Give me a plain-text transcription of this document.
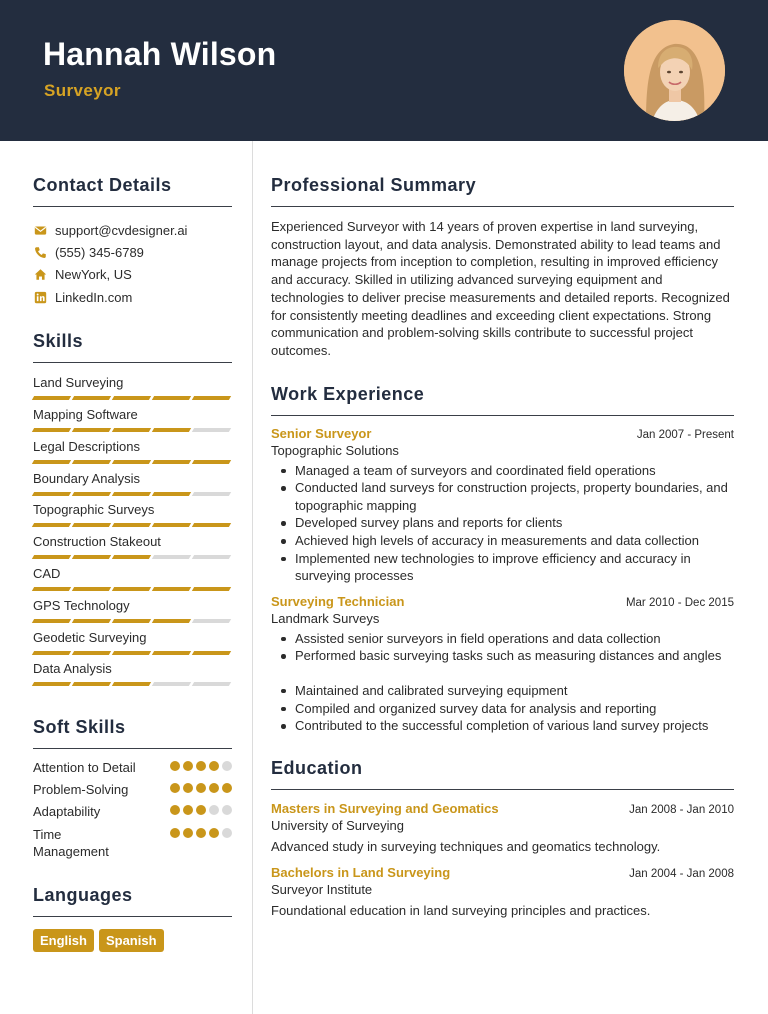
Hannah Wilson
Surveyor
Contact Details
support@cvdesigner.ai
(555) 345-6789
NewYork, US
LinkedIn.com
Skills
Land Surveying
Mapping Software
Legal Descriptions
Boundary Analysis
Topographic Surveys
Construction Stakeout
CAD
GPS Technology
Geodetic Surveying
Data Analysis
Soft Skills
Attention to Detail
Problem-Solving
Adaptability
Time Management
Languages
English	Spanish
Professional Summary

Experienced Surveyor with 14 years of proven expertise in land surveying, construction layout, and data analysis. Demonstrated ability to lead teams and manage projects from inception to completion, resulting in improved efficiency and accuracy. Skilled in utilizing advanced surveying equipment and technologies to deliver precise measurements and detailed reports. Recognized for consistently meeting deadlines and exceeding client expectations. Strong communication and problem-solving skills contribute to successful project outcomes.

Work Experience
Senior Surveyor	Jan 2007 - Present
Topographic Solutions
Managed a team of surveyors and coordinated field operations
Conducted land surveys for construction projects, property boundaries, and topographic mapping
Developed survey plans and reports for clients
Achieved high levels of accuracy in measurements and data collection
Implemented new technologies to improve efficiency and accuracy in surveying processes
Surveying Technician	Mar 2010 - Dec 2015
Landmark Surveys
Assisted senior surveyors in field operations and data collection
Performed basic surveying tasks such as measuring distances and angles
Maintained and calibrated surveying equipment
Compiled and organized survey data for analysis and reporting
Contributed to the successful completion of various land survey projects
Education
Masters in Surveying and Geomatics	Jan 2008 - Jan 2010
University of Surveying
Advanced study in surveying techniques and geomatics technology.
Bachelors in Land Surveying	Jan 2004 - Jan 2008
Surveyor Institute
Foundational education in land surveying principles and practices.
